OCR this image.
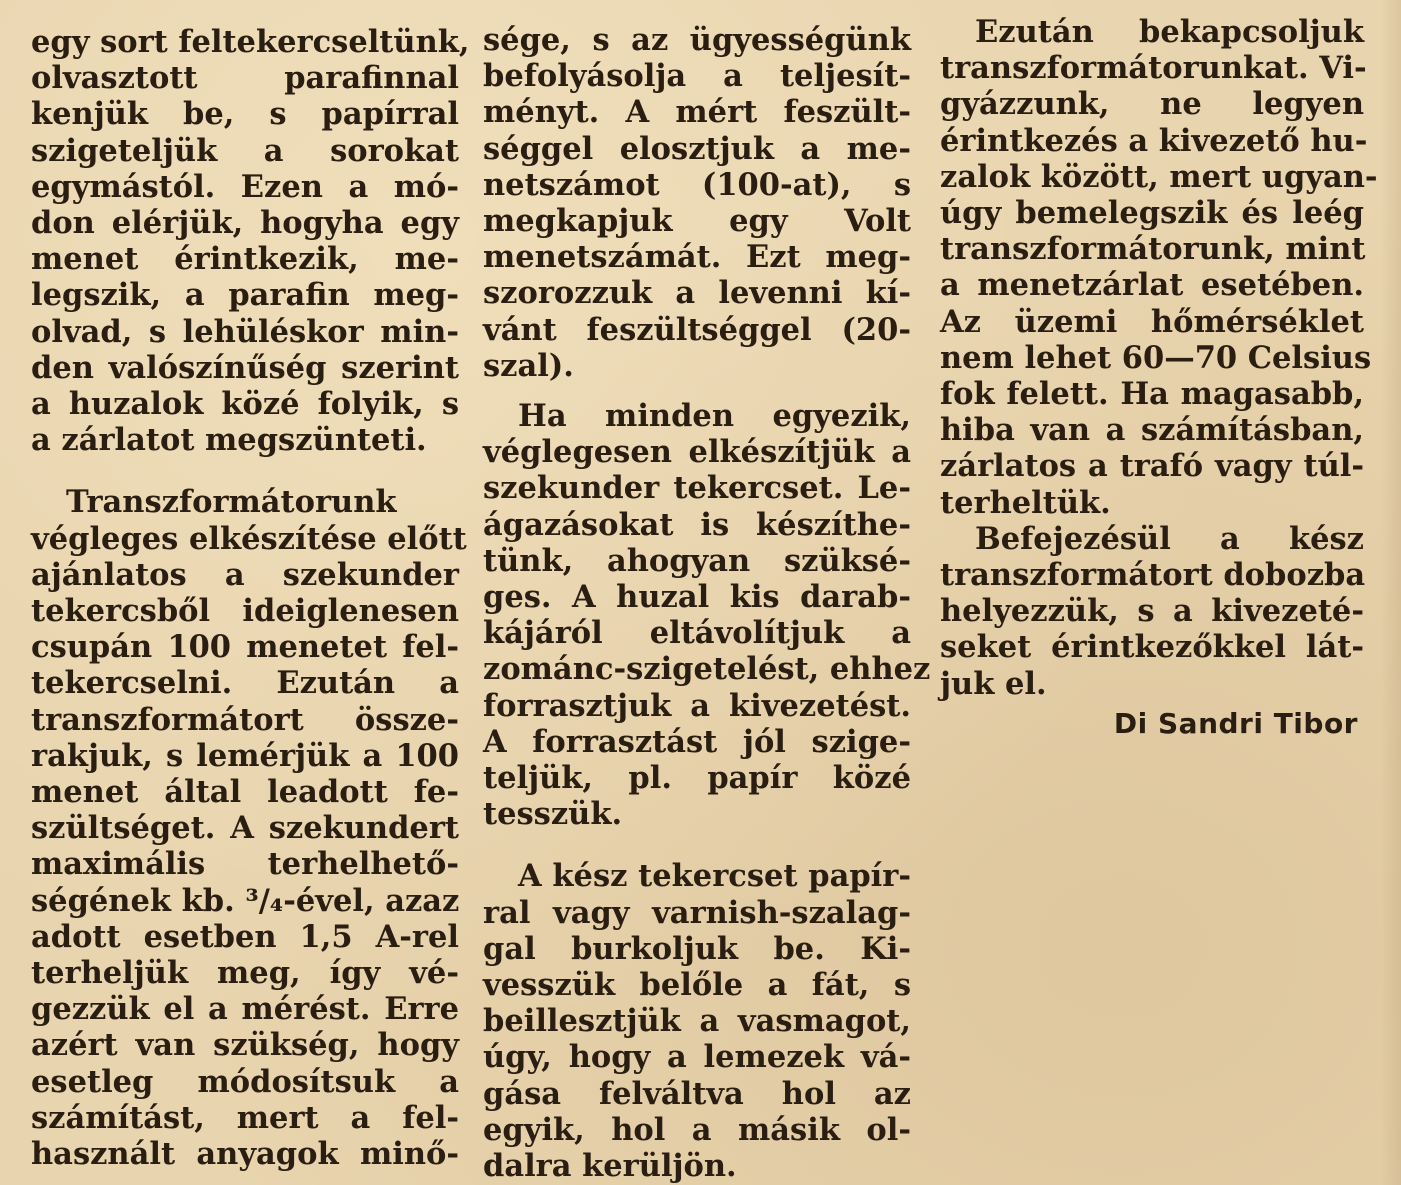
egy sort feltekercseltünk,
olvasztott parafinnal
kenjük be, s papírral
szigeteljük a sorokat
egymástól. Ezen a mó-
don elérjük, hogyha egy
menet érintkezik, me-
legszik, a parafin meg-
olvad, s lehüléskor min-
den valószínűség szerint
a huzalok közé folyik, s
a zárlatot megszünteti.

Transzformátorunk
végleges elkészítése előtt
ajánlatos a szekunder
tekercsből ideiglenesen
csupán 100 menetet fel-
tekercselni. Ezután a
transzformátort össze-
rakjuk, s lemérjük a 100
menet által leadott fe-
szültséget. A szekundert
maximális terhelhető-
ségének kb. ³/₄-ével, azaz
adott esetben 1,5 A-rel
terheljük meg, így vé-
gezzük el a mérést. Erre
azért van szükség, hogy
esetleg módosítsuk a
számítást, mert a fel-
használt anyagok minő-

sége, s az ügyességünk
befolyásolja a teljesít-
ményt. A mért feszült-
séggel elosztjuk a me-
netszámot (100-at), s
megkapjuk egy Volt
menetszámát. Ezt meg-
szorozzuk a levenni kí-
vánt feszültséggel (20-
szal).

Ha minden egyezik,
véglegesen elkészítjük a
szekunder tekercset. Le-
ágazásokat is készíthe-
tünk, ahogyan szüksé-
ges. A huzal kis darab-
kájáról eltávolítjuk a
zománc-szigetelést, ehhez
forrasztjuk a kivezetést.
A forrasztást jól szige-
teljük, pl. papír közé
tesszük.

A kész tekercset papír-
ral vagy varnish-szalag-
gal burkoljuk be. Ki-
vesszük belőle a fát, s
beillesztjük a vasmagot,
úgy, hogy a lemezek vá-
gása felváltva hol az
egyik, hol a másik ol-
dalra kerüljön.

Ezután bekapcsoljuk
transzformátorunkat. Vi-
gyázzunk, ne legyen
érintkezés a kivezető hu-
zalok között, mert ugyan-
úgy bemelegszik és leég
transzformátorunk, mint
a menetzárlat esetében.
Az üzemi hőmérséklet
nem lehet 60—70 Celsius
fok felett. Ha magasabb,
hiba van a számításban,
zárlatos a trafó vagy túl-
terheltük.

Befejezésül a kész
transzformátort dobozba
helyezzük, s a kivezeté-
seket érintkezőkkel lát-
juk el.

Di Sandri Tibor
